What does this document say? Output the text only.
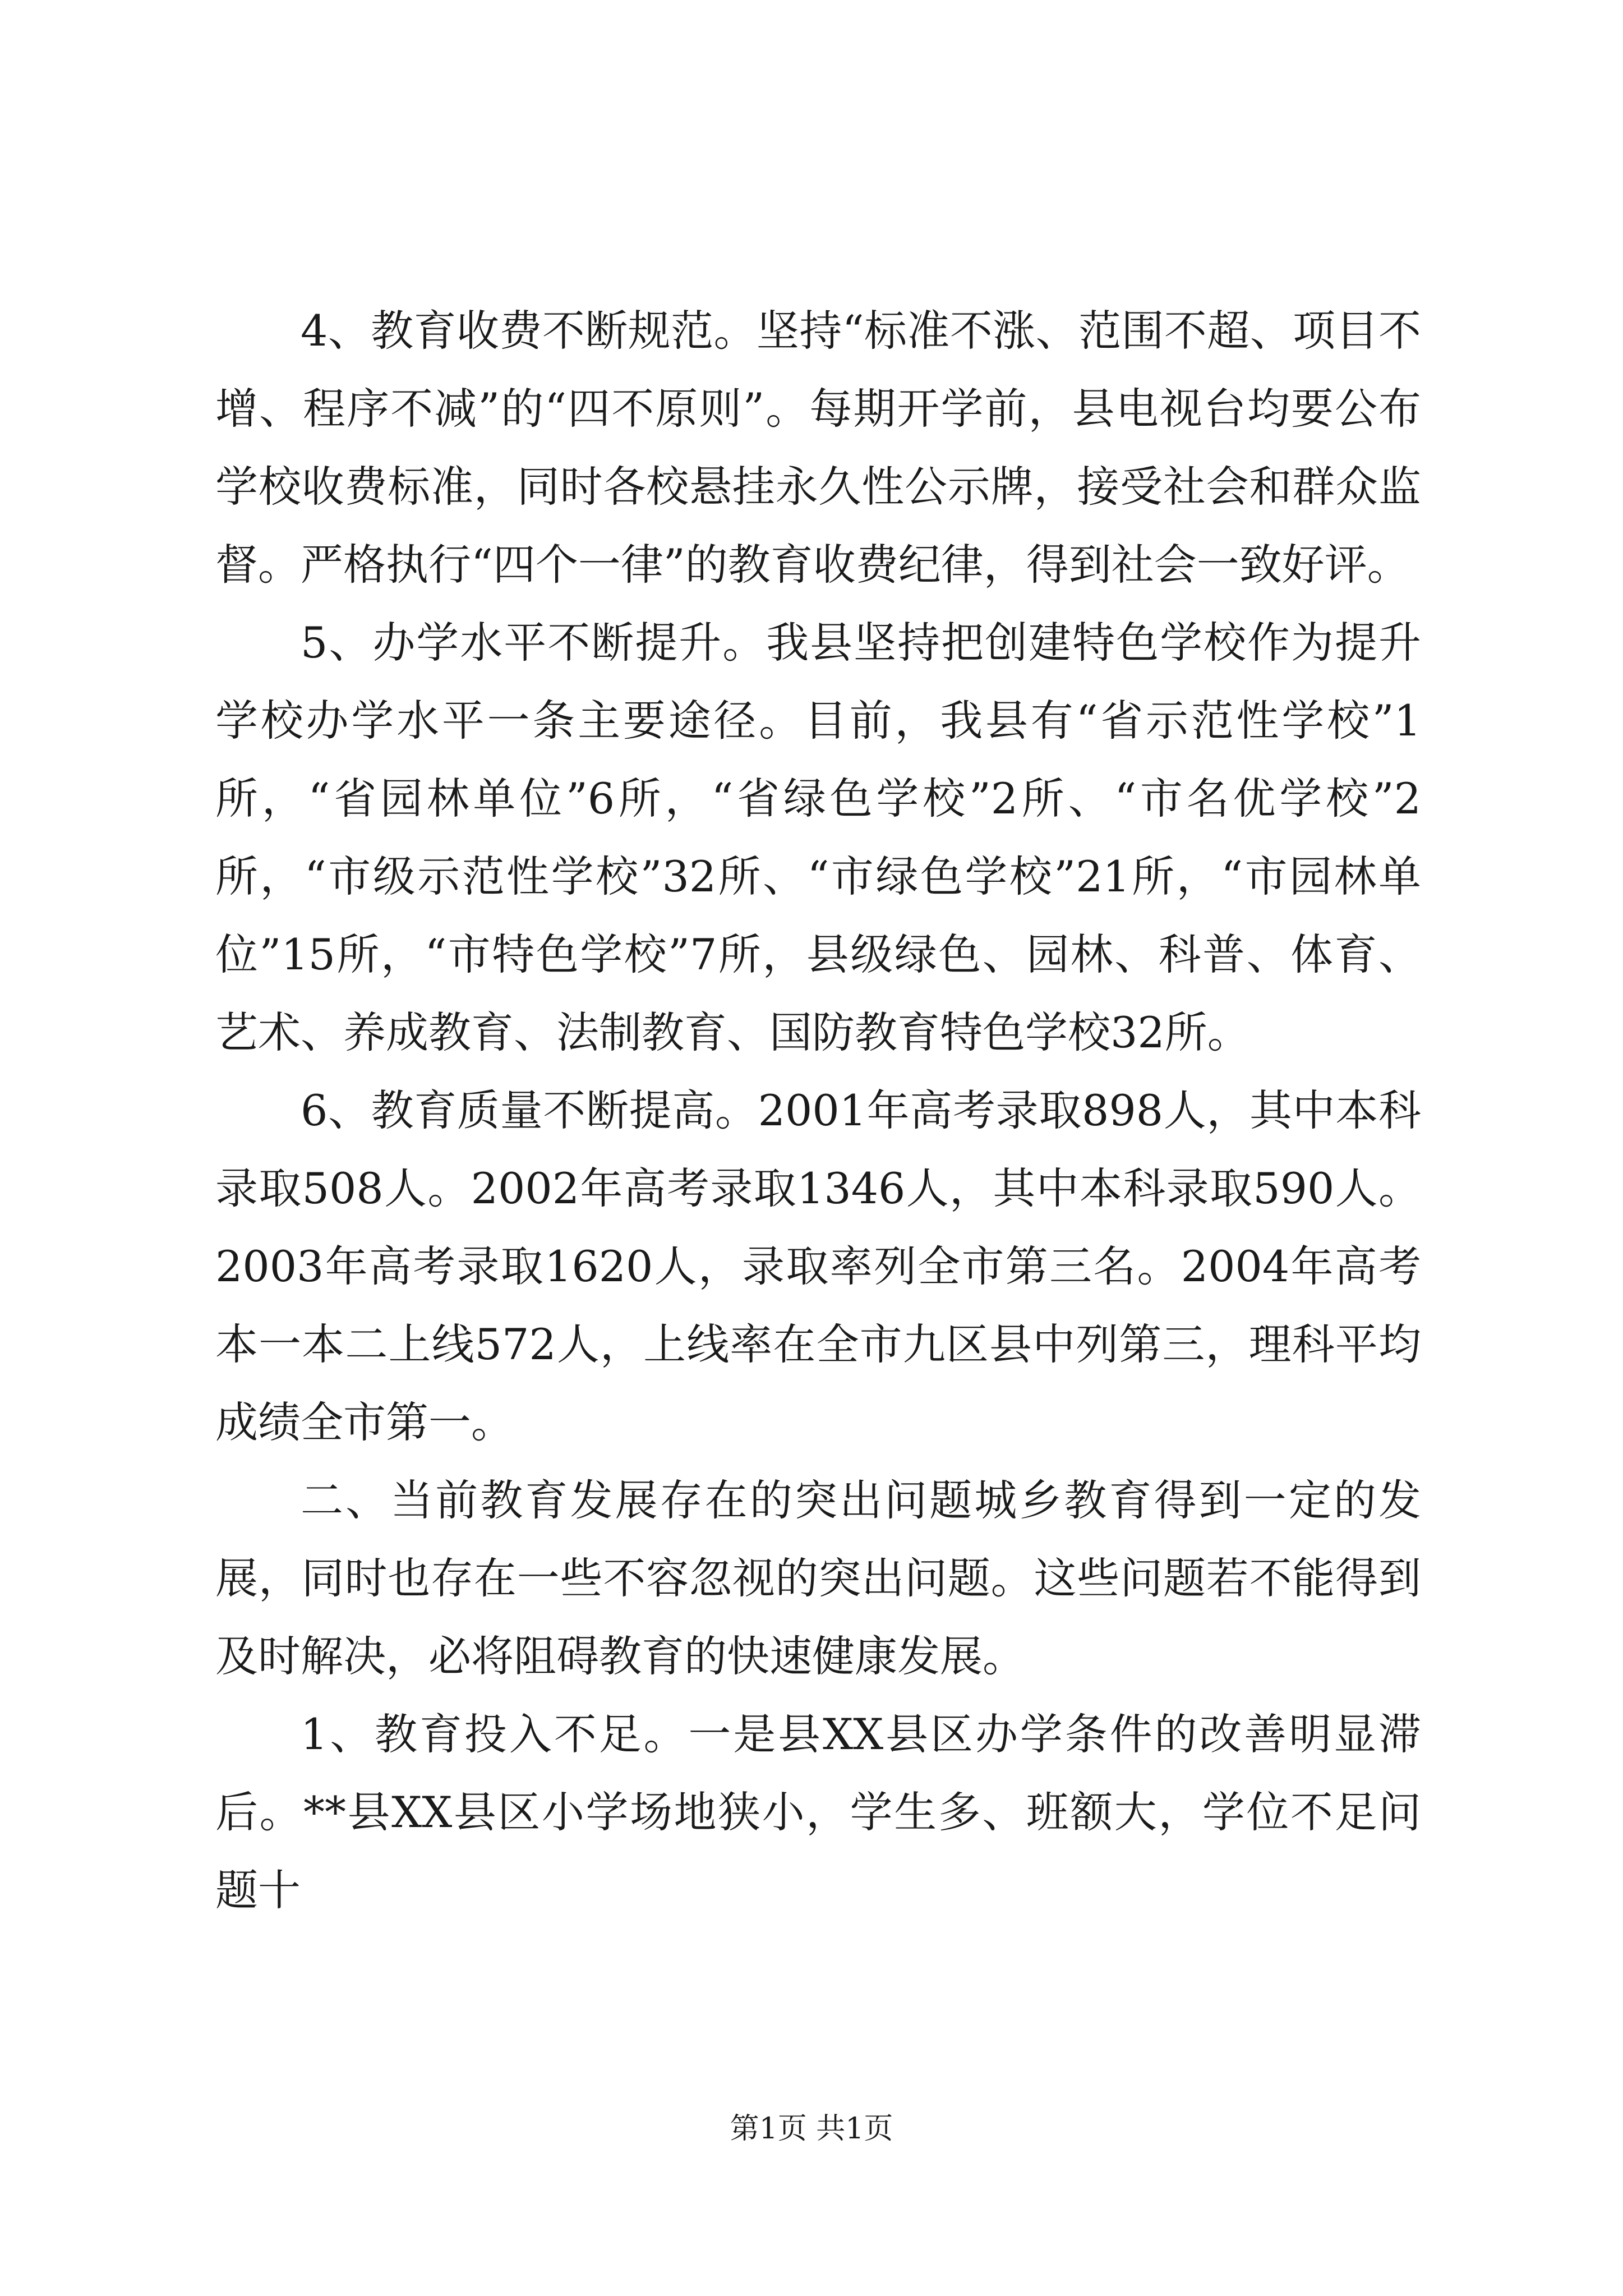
4、教育收费不断规范。坚持“标准不涨、范围不超、项目不增、程序不减”的“四不原则”。每期开学前，县电视台均要公布学校收费标准，同时各校悬挂永久性公示牌，接受社会和群众监督。严格执行“四个一律”的教育收费纪律，得到社会一致好评。

5、办学水平不断提升。我县坚持把创建特色学校作为提升学校办学水平一条主要途径。目前，我县有“省示范性学校”1所，“省园林单位”6所，“省绿色学校”2所、“市名优学校”2所，“市级示范性学校”32所、“市绿色学校”21所，“市园林单位”15所，“市特色学校”7所，县级绿色、园林、科普、体育、艺术、养成教育、法制教育、国防教育特色学校32所。

6、教育质量不断提高。2001年高考录取898人，其中本科录取508人。2002年高考录取1346人，其中本科录取590人。2003年高考录取1620人，录取率列全市第三名。2004年高考本一本二上线572人，上线率在全市九区县中列第三，理科平均成绩全市第一。

二、当前教育发展存在的突出问题城乡教育得到一定的发展，同时也存在一些不容忽视的突出问题。这些问题若不能得到及时解决，必将阻碍教育的快速健康发展。

1、教育投入不足。一是县XX县区办学条件的改善明显滞后。**县XX县区小学场地狭小，学生多、班额大，学位不足问题十

第1页 共1页
